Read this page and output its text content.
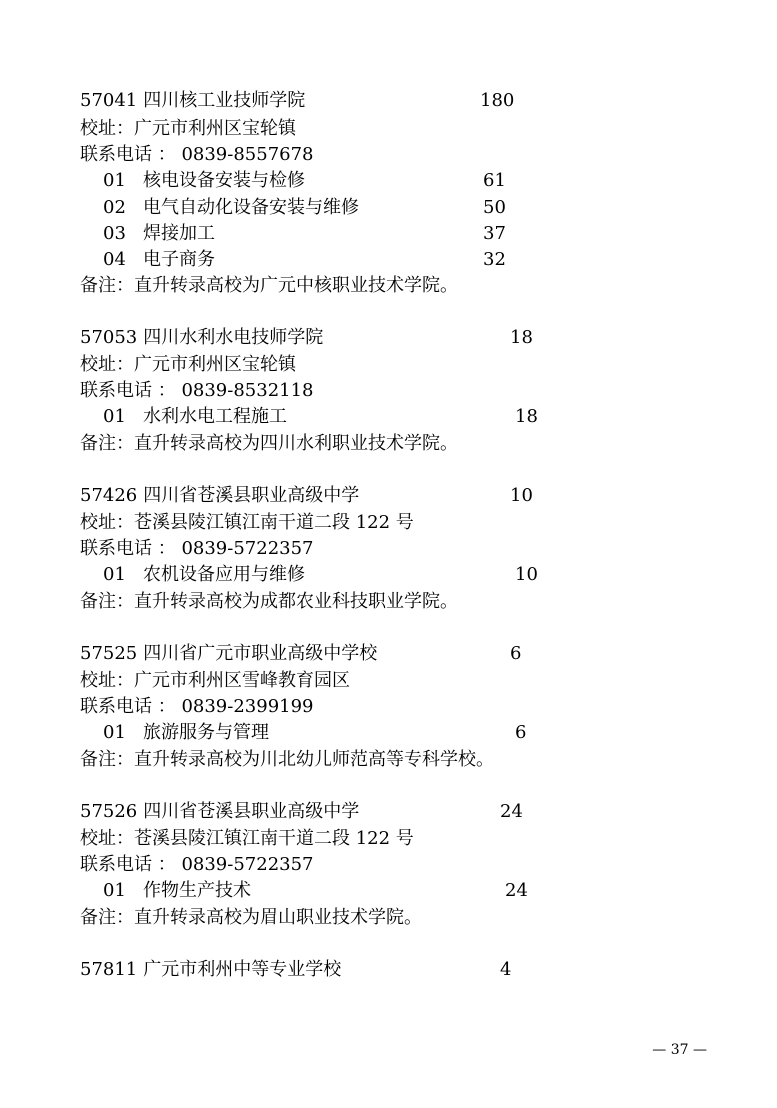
57041 四川核工业技师学院	180
校址：广元市利州区宝轮镇
联系电话 ： 0839-8557678
01 核电设备安装与检修	61
02 电气自动化设备安装与维修	50
03 焊接加工	37
04 电子商务	32
备注：直升转录高校为广元中核职业技术学院。
57053 四川水利水电技师学院	18
校址：广元市利州区宝轮镇
联系电话 ： 0839-8532118
01 水利水电工程施工	18
备注：直升转录高校为四川水利职业技术学院。
57426 四川省苍溪县职业高级中学	10
校址：苍溪县陵江镇江南干道二段 122 号
联系电话 ： 0839-5722357
01 农机设备应用与维修	10
备注：直升转录高校为成都农业科技职业学院。
57525 四川省广元市职业高级中学校	6
校址：广元市利州区雪峰教育园区
联系电话 ： 0839-2399199
01 旅游服务与管理	6
备注：直升转录高校为川北幼儿师范高等专科学校。
57526 四川省苍溪县职业高级中学	24
校址：苍溪县陵江镇江南干道二段 122 号
联系电话 ： 0839-5722357
01 作物生产技术	24
备注：直升转录高校为眉山职业技术学院。
57811 广元市利州中等专业学校	4
— 37 —
